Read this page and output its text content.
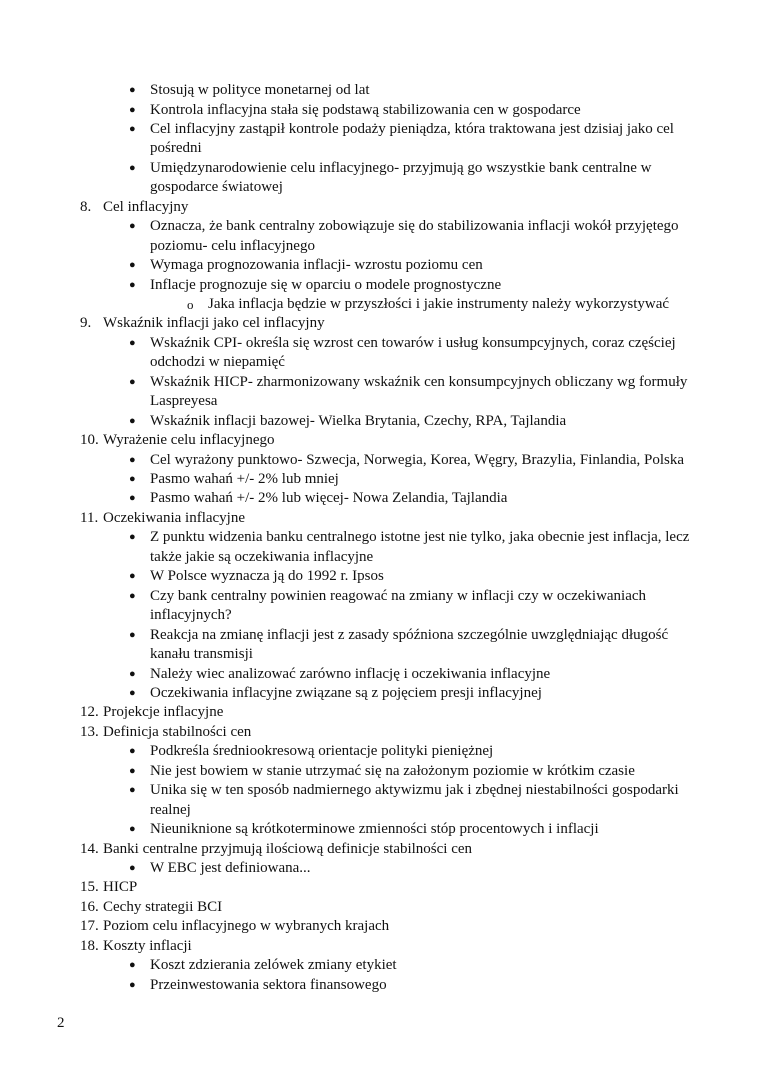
● Stosują w polityce monetarnej od lat
● Kontrola inflacyjna stała się podstawą stabilizowania cen w gospodarce
● Cel inflacyjny zastąpił kontrole podaży pieniądza, która traktowana jest dzisiaj jako cel
pośredni
● Umiędzynarodowienie celu inflacyjnego- przyjmują go wszystkie bank centralne w
gospodarce światowej
8. Cel inflacyjny
● Oznacza, że bank centralny zobowiązuje się do stabilizowania inflacji wokół przyjętego
poziomu- celu inflacyjnego
● Wymaga prognozowania inflacji- wzrostu poziomu cen
● Inflacje prognozuje się w oparciu o modele prognostyczne
o Jaka inflacja będzie w przyszłości i jakie instrumenty należy wykorzystywać
9. Wskaźnik inflacji jako cel inflacyjny
● Wskaźnik CPI- określa się wzrost cen towarów i usług konsumpcyjnych, coraz częściej
odchodzi w niepamięć
● Wskaźnik HICP- zharmonizowany wskaźnik cen konsumpcyjnych obliczany wg formuły
Laspreyesa
● Wskaźnik inflacji bazowej- Wielka Brytania, Czechy, RPA, Tajlandia
10. Wyrażenie celu inflacyjnego
● Cel wyrażony punktowo- Szwecja, Norwegia, Korea, Węgry, Brazylia, Finlandia, Polska
● Pasmo wahań +/- 2% lub mniej
● Pasmo wahań +/- 2% lub więcej- Nowa Zelandia, Tajlandia
11. Oczekiwania inflacyjne
● Z punktu widzenia banku centralnego istotne jest nie tylko, jaka obecnie jest inflacja, lecz
także jakie są oczekiwania inflacyjne
● W Polsce wyznacza ją do 1992 r. Ipsos
● Czy bank centralny powinien reagować na zmiany w inflacji czy w oczekiwaniach
inflacyjnych?
● Reakcja na zmianę inflacji jest z zasady spóźniona szczególnie uwzględniając długość
kanału transmisji
● Należy wiec analizować zarówno inflację i oczekiwania inflacyjne
● Oczekiwania inflacyjne związane są z pojęciem presji inflacyjnej
12. Projekcje inflacyjne
13. Definicja stabilności cen
● Podkreśla średniookresową orientacje polityki pieniężnej
● Nie jest bowiem w stanie utrzymać się na założonym poziomie w krótkim czasie
● Unika się w ten sposób nadmiernego aktywizmu jak i zbędnej niestabilności gospodarki
realnej
● Nieuniknione są krótkoterminowe zmienności stóp procentowych i inflacji
14. Banki centralne przyjmują ilościową definicje stabilności cen
● W EBC jest definiowana...
15. HICP
16. Cechy strategii BCI
17. Poziom celu inflacyjnego w wybranych krajach
18. Koszty inflacji
● Koszt zdzierania zelówek zmiany etykiet
● Przeinwestowania sektora finansowego
2
